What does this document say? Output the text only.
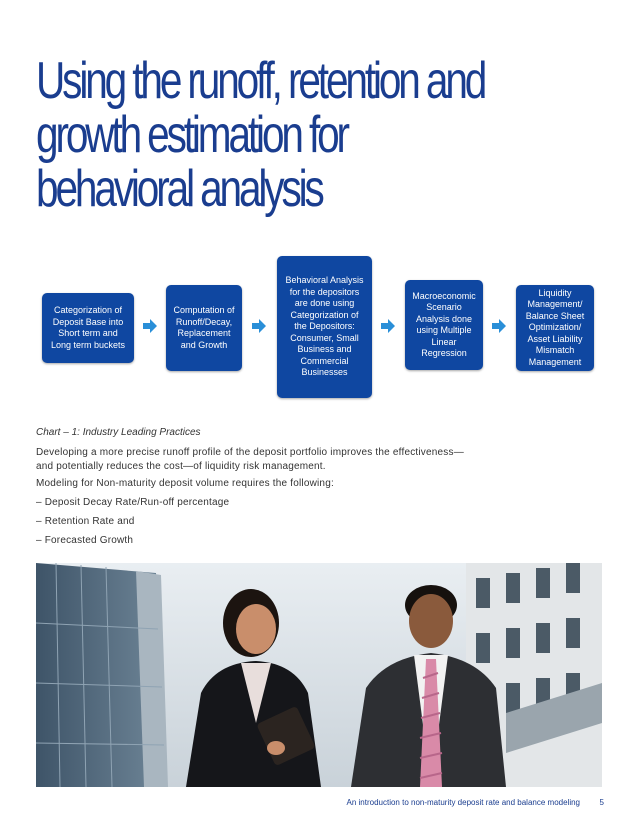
Using the runoff, retention and
growth estimation for
behavioral analysis
Categorization of Deposit Base into Short term and Long term buckets
Computation of Runoff/Decay, Replacement and Growth
Behavioral Analysis for the depositors are done using Categorization of the Depositors: Consumer, Small Business and Commercial Businesses
Macroeconomic Scenario Analysis done using Multiple Linear Regression
Liquidity Management/ Balance Sheet Optimization/ Asset Liability Mismatch Management
Chart – 1: Industry Leading Practices
Developing a more precise runoff profile of the deposit portfolio improves the effectiveness—and potentially reduces the cost—of liquidity risk management.
Modeling for Non-maturity deposit volume requires the following:
– Deposit Decay Rate/Run-off percentage
– Retention Rate and
– Forecasted Growth
An introduction to non-maturity deposit rate and balance modeling 5
